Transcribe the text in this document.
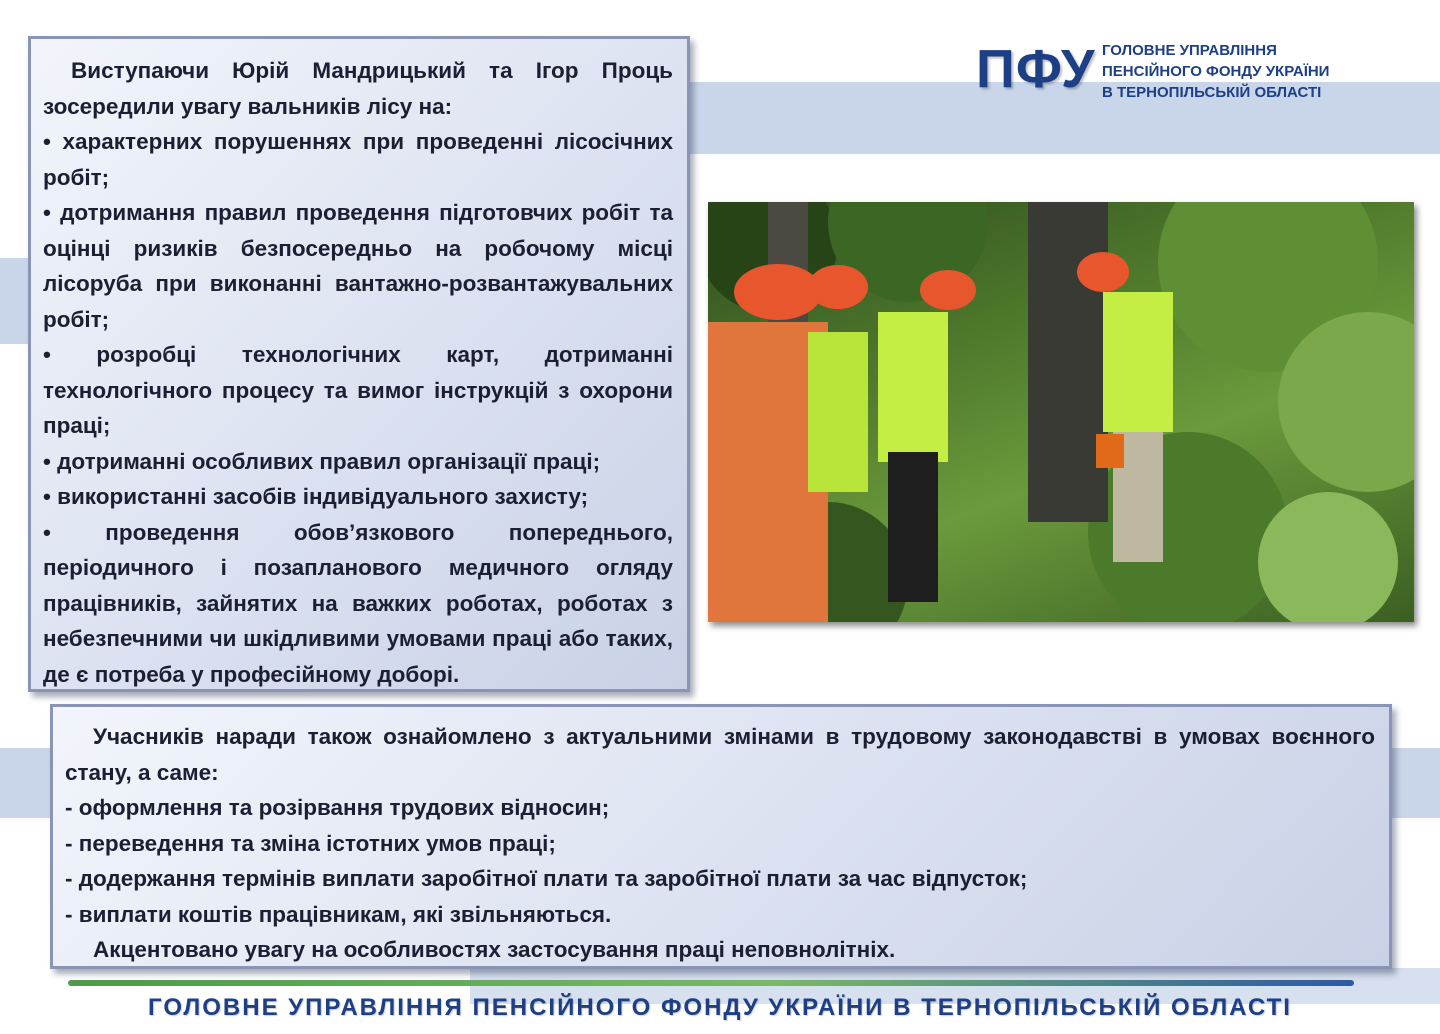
ПФУ ГОЛОВНЕ УПРАВЛІННЯ
ПЕНСІЙНОГО ФОНДУ УКРАЇНИ
В ТЕРНОПІЛЬСЬКІЙ ОБЛАСТІ

Виступаючи Юрій Мандрицький та Ігор Проць зосередили увагу вальників лісу на:

• характерних порушеннях при проведенні лісосічних робіт;

• дотримання правил проведення підготовчих робіт та оцінці ризиків безпосередньо на робочому місці лісоруба при виконанні вантажно-розвантажувальних робіт;

• розробці технологічних карт, дотриманні технологічного процесу та вимог інструкцій з охорони праці;

• дотриманні особливих правил організації праці;

• використанні засобів індивідуального захисту;

• проведення обов’язкового попереднього, періодичного і позапланового медичного огляду працівників, зайнятих на важких роботах, роботах з небезпечними чи шкідливими умовами праці або таких, де є потреба у професійному доборі.

Учасників наради також ознайомлено з актуальними змінами в трудовому законодавстві в умовах воєнного стану, а саме:

- оформлення та розірвання трудових відносин;

- переведення та зміна істотних умов праці;

- додержання термінів виплати заробітної плати та заробітної плати за час відпусток;

- виплати коштів працівникам, які звільняються.

Акцентовано увагу на особливостях застосування праці неповнолітніх.

ГОЛОВНЕ УПРАВЛІННЯ ПЕНСІЙНОГО ФОНДУ УКРАЇНИ В ТЕРНОПІЛЬСЬКІЙ ОБЛАСТІ
